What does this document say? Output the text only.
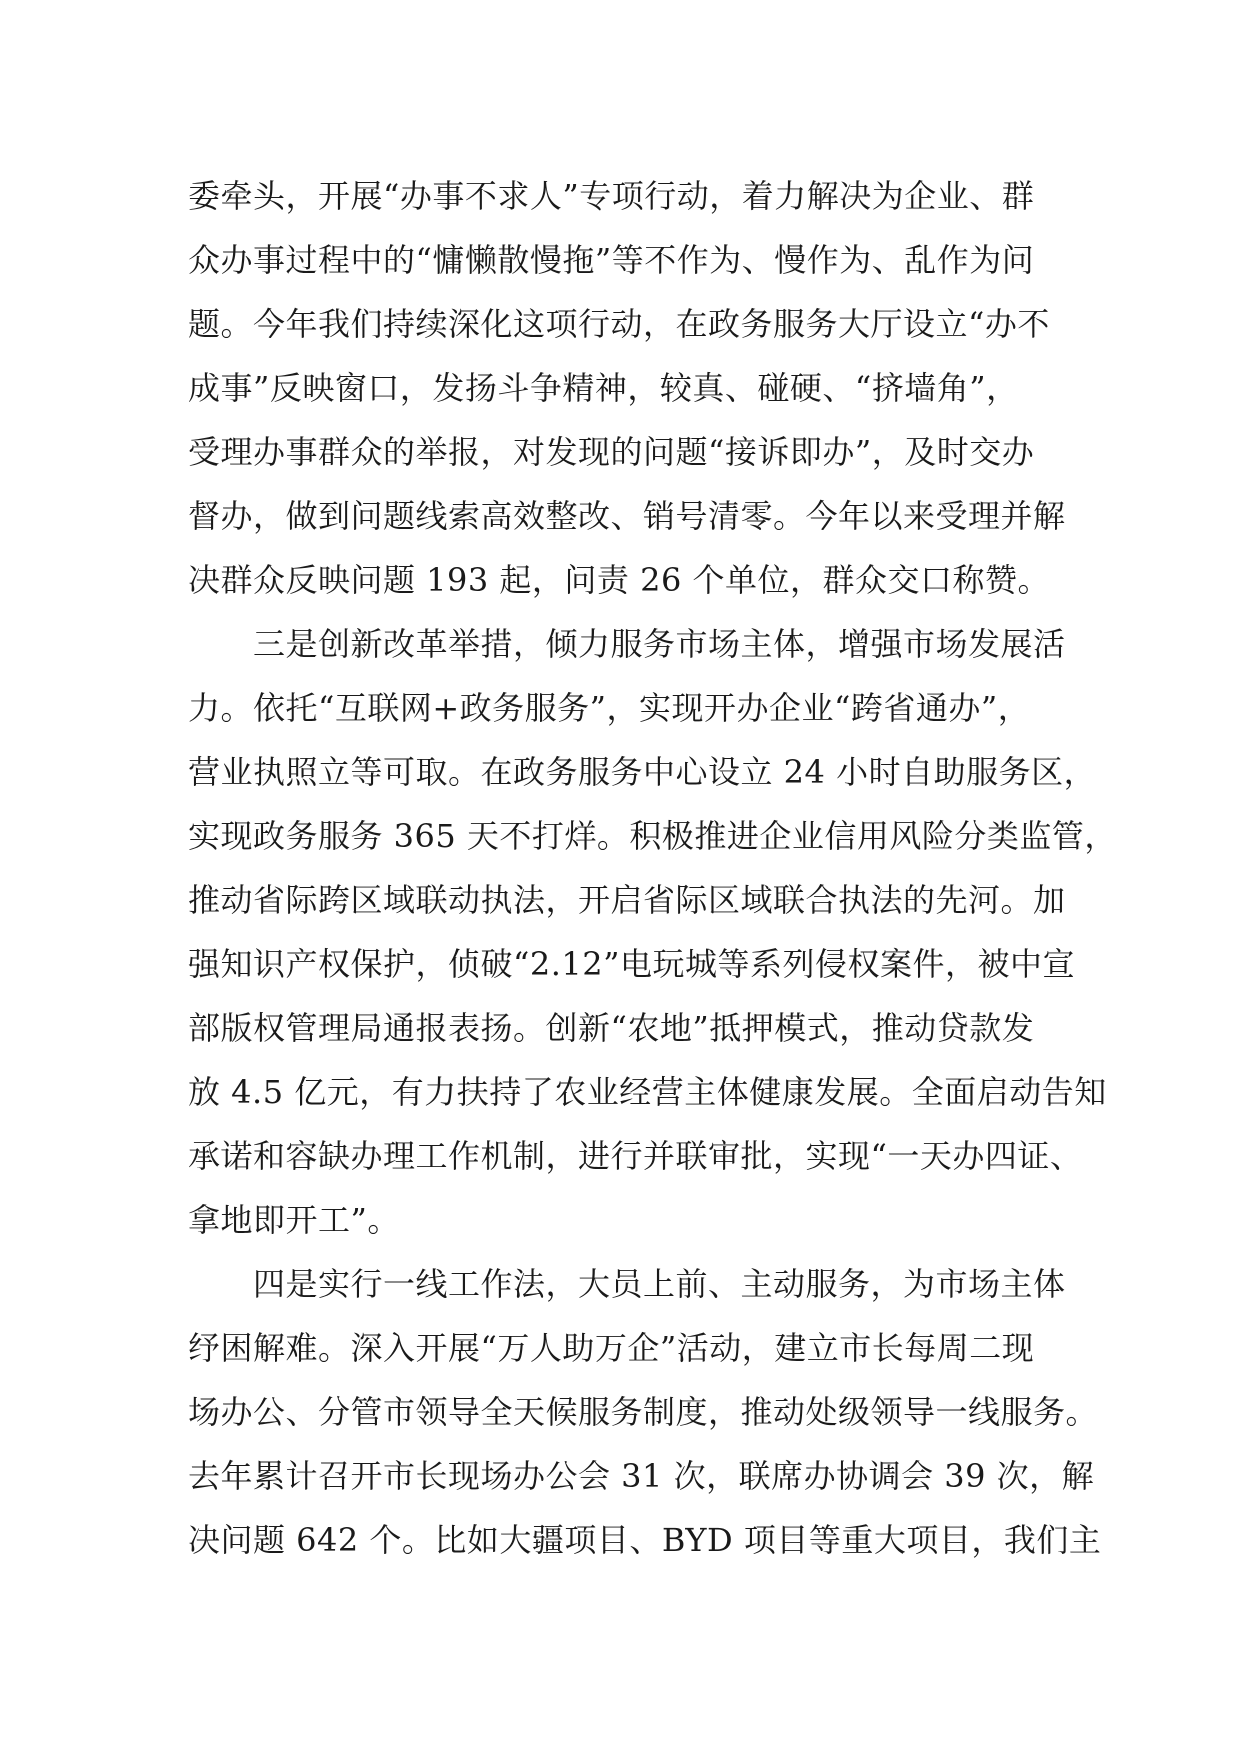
委牵头，开展“办事不求人”专项行动，着力解决为企业、群
众办事过程中的“慵懒散慢拖”等不作为、慢作为、乱作为问
题。今年我们持续深化这项行动，在政务服务大厅设立“办不
成事”反映窗口，发扬斗争精神，较真、碰硬、“挤墙角”，
受理办事群众的举报，对发现的问题“接诉即办”，及时交办
督办，做到问题线索高效整改、销号清零。今年以来受理并解
决群众反映问题 193 起，问责 26 个单位，群众交口称赞。
　　三是创新改革举措，倾力服务市场主体，增强市场发展活
力。依托“互联网+政务服务”，实现开办企业“跨省通办”，
营业执照立等可取。在政务服务中心设立 24 小时自助服务区，
实现政务服务 365 天不打烊。积极推进企业信用风险分类监管，
推动省际跨区域联动执法，开启省际区域联合执法的先河。加
强知识产权保护，侦破“2.12”电玩城等系列侵权案件，被中宣
部版权管理局通报表扬。创新“农地”抵押模式，推动贷款发
放 4.5 亿元，有力扶持了农业经营主体健康发展。全面启动告知
承诺和容缺办理工作机制，进行并联审批，实现“一天办四证、
拿地即开工”。
　　四是实行一线工作法，大员上前、主动服务，为市场主体
纾困解难。深入开展“万人助万企”活动，建立市长每周二现
场办公、分管市领导全天候服务制度，推动处级领导一线服务。
去年累计召开市长现场办公会 31 次，联席办协调会 39 次，解
决问题 642 个。比如大疆项目、BYD 项目等重大项目，我们主
